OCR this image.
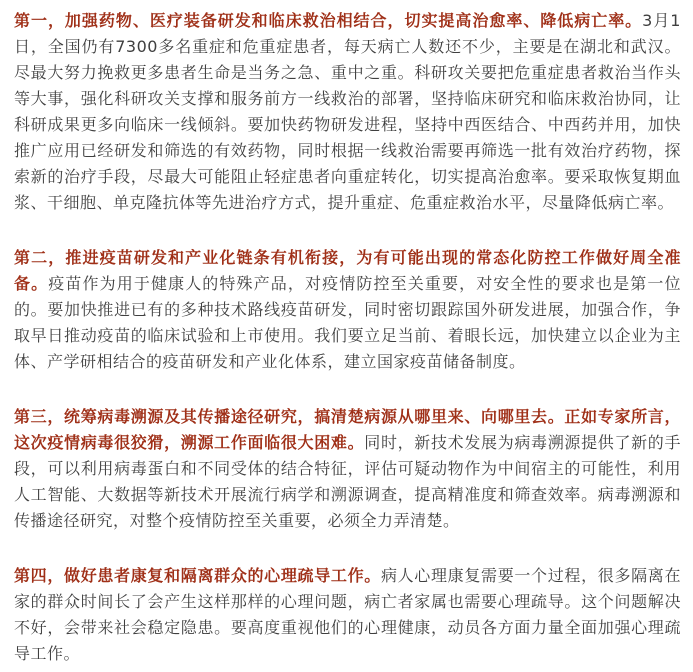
第一，加强药物、医疗装备研发和临床救治相结合，切实提高治愈率、降低病亡率。3月1日，全国仍有7300多名重症和危重症患者，每天病亡人数还不少，主要是在湖北和武汉。尽最大努力挽救更多患者生命是当务之急、重中之重。科研攻关要把危重症患者救治当作头等大事，强化科研攻关支撑和服务前方一线救治的部署，坚持临床研究和临床救治协同，让科研成果更多向临床一线倾斜。要加快药物研发进程，坚持中西医结合、中西药并用，加快推广应用已经研发和筛选的有效药物，同时根据一线救治需要再筛选一批有效治疗药物，探索新的治疗手段，尽最大可能阻止轻症患者向重症转化，切实提高治愈率。要采取恢复期血浆、干细胞、单克隆抗体等先进治疗方式，提升重症、危重症救治水平，尽量降低病亡率。

第二，推进疫苗研发和产业化链条有机衔接，为有可能出现的常态化防控工作做好周全准备。疫苗作为用于健康人的特殊产品，对疫情防控至关重要，对安全性的要求也是第一位的。要加快推进已有的多种技术路线疫苗研发，同时密切跟踪国外研发进展，加强合作，争取早日推动疫苗的临床试验和上市使用。我们要立足当前、着眼长远，加快建立以企业为主体、产学研相结合的疫苗研发和产业化体系，建立国家疫苗储备制度。

第三，统筹病毒溯源及其传播途径研究，搞清楚病源从哪里来、向哪里去。正如专家所言，这次疫情病毒很狡猾，溯源工作面临很大困难。同时，新技术发展为病毒溯源提供了新的手段，可以利用病毒蛋白和不同受体的结合特征，评估可疑动物作为中间宿主的可能性，利用人工智能、大数据等新技术开展流行病学和溯源调查，提高精准度和筛查效率。病毒溯源和传播途径研究，对整个疫情防控至关重要，必须全力弄清楚。

第四，做好患者康复和隔离群众的心理疏导工作。病人心理康复需要一个过程，很多隔离在家的群众时间长了会产生这样那样的心理问题，病亡者家属也需要心理疏导。这个问题解决不好，会带来社会稳定隐患。要高度重视他们的心理健康，动员各方面力量全面加强心理疏导工作。
